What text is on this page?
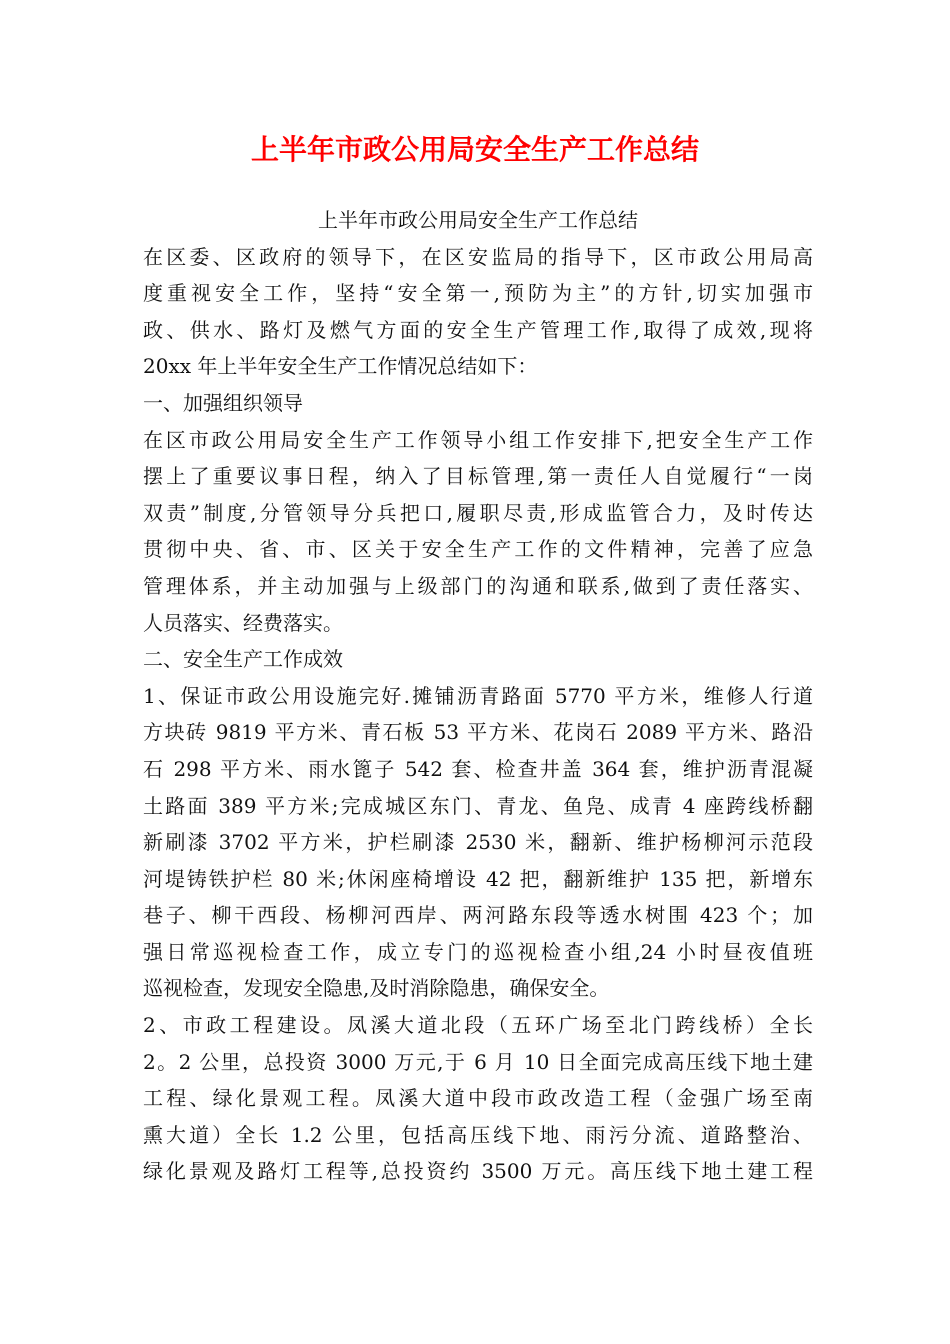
上半年市政公用局安全生产工作总结
上半年市政公用局安全生产工作总结
在区委、区政府的领导下，在区安监局的指导下，区市政公用局高
度重视安全工作，坚持“安全第一,预防为主”的方针,切实加强市
政、供水、路灯及燃气方面的安全生产管理工作,取得了成效,现将
20xx 年上半年安全生产工作情况总结如下：
一、加强组织领导
在区市政公用局安全生产工作领导小组工作安排下,把安全生产工作
摆上了重要议事日程，纳入了目标管理,第一责任人自觉履行“一岗
双责”制度,分管领导分兵把口,履职尽责,形成监管合力，及时传达
贯彻中央、省、市、区关于安全生产工作的文件精神，完善了应急
管理体系，并主动加强与上级部门的沟通和联系,做到了责任落实、
人员落实、经费落实。
二、安全生产工作成效
1、保证市政公用设施完好.摊铺沥青路面 5770 平方米，维修人行道
方块砖 9819 平方米、青石板 53 平方米、花岗石 2089 平方米、路沿
石 298 平方米、雨水篦子 542 套、检查井盖 364 套，维护沥青混凝
土路面 389 平方米;完成城区东门、青龙、鱼凫、成青 4 座跨线桥翻
新刷漆 3702 平方米，护栏刷漆 2530 米，翻新、维护杨柳河示范段
河堤铸铁护栏 80 米;休闲座椅增设 42 把，翻新维护 135 把，新增东
巷子、柳干西段、杨柳河西岸、两河路东段等透水树围 423 个；加
强日常巡视检查工作，成立专门的巡视检查小组,24 小时昼夜值班
巡视检查，发现安全隐患,及时消除隐患，确保安全。
2、市政工程建设。凤溪大道北段（五环广场至北门跨线桥）全长
2。2 公里，总投资 3000 万元,于 6 月 10 日全面完成高压线下地土建
工程、绿化景观工程。凤溪大道中段市政改造工程（金强广场至南
熏大道）全长 1.2 公里，包括高压线下地、雨污分流、道路整治、
绿化景观及路灯工程等,总投资约 3500 万元。高压线下地土建工程
